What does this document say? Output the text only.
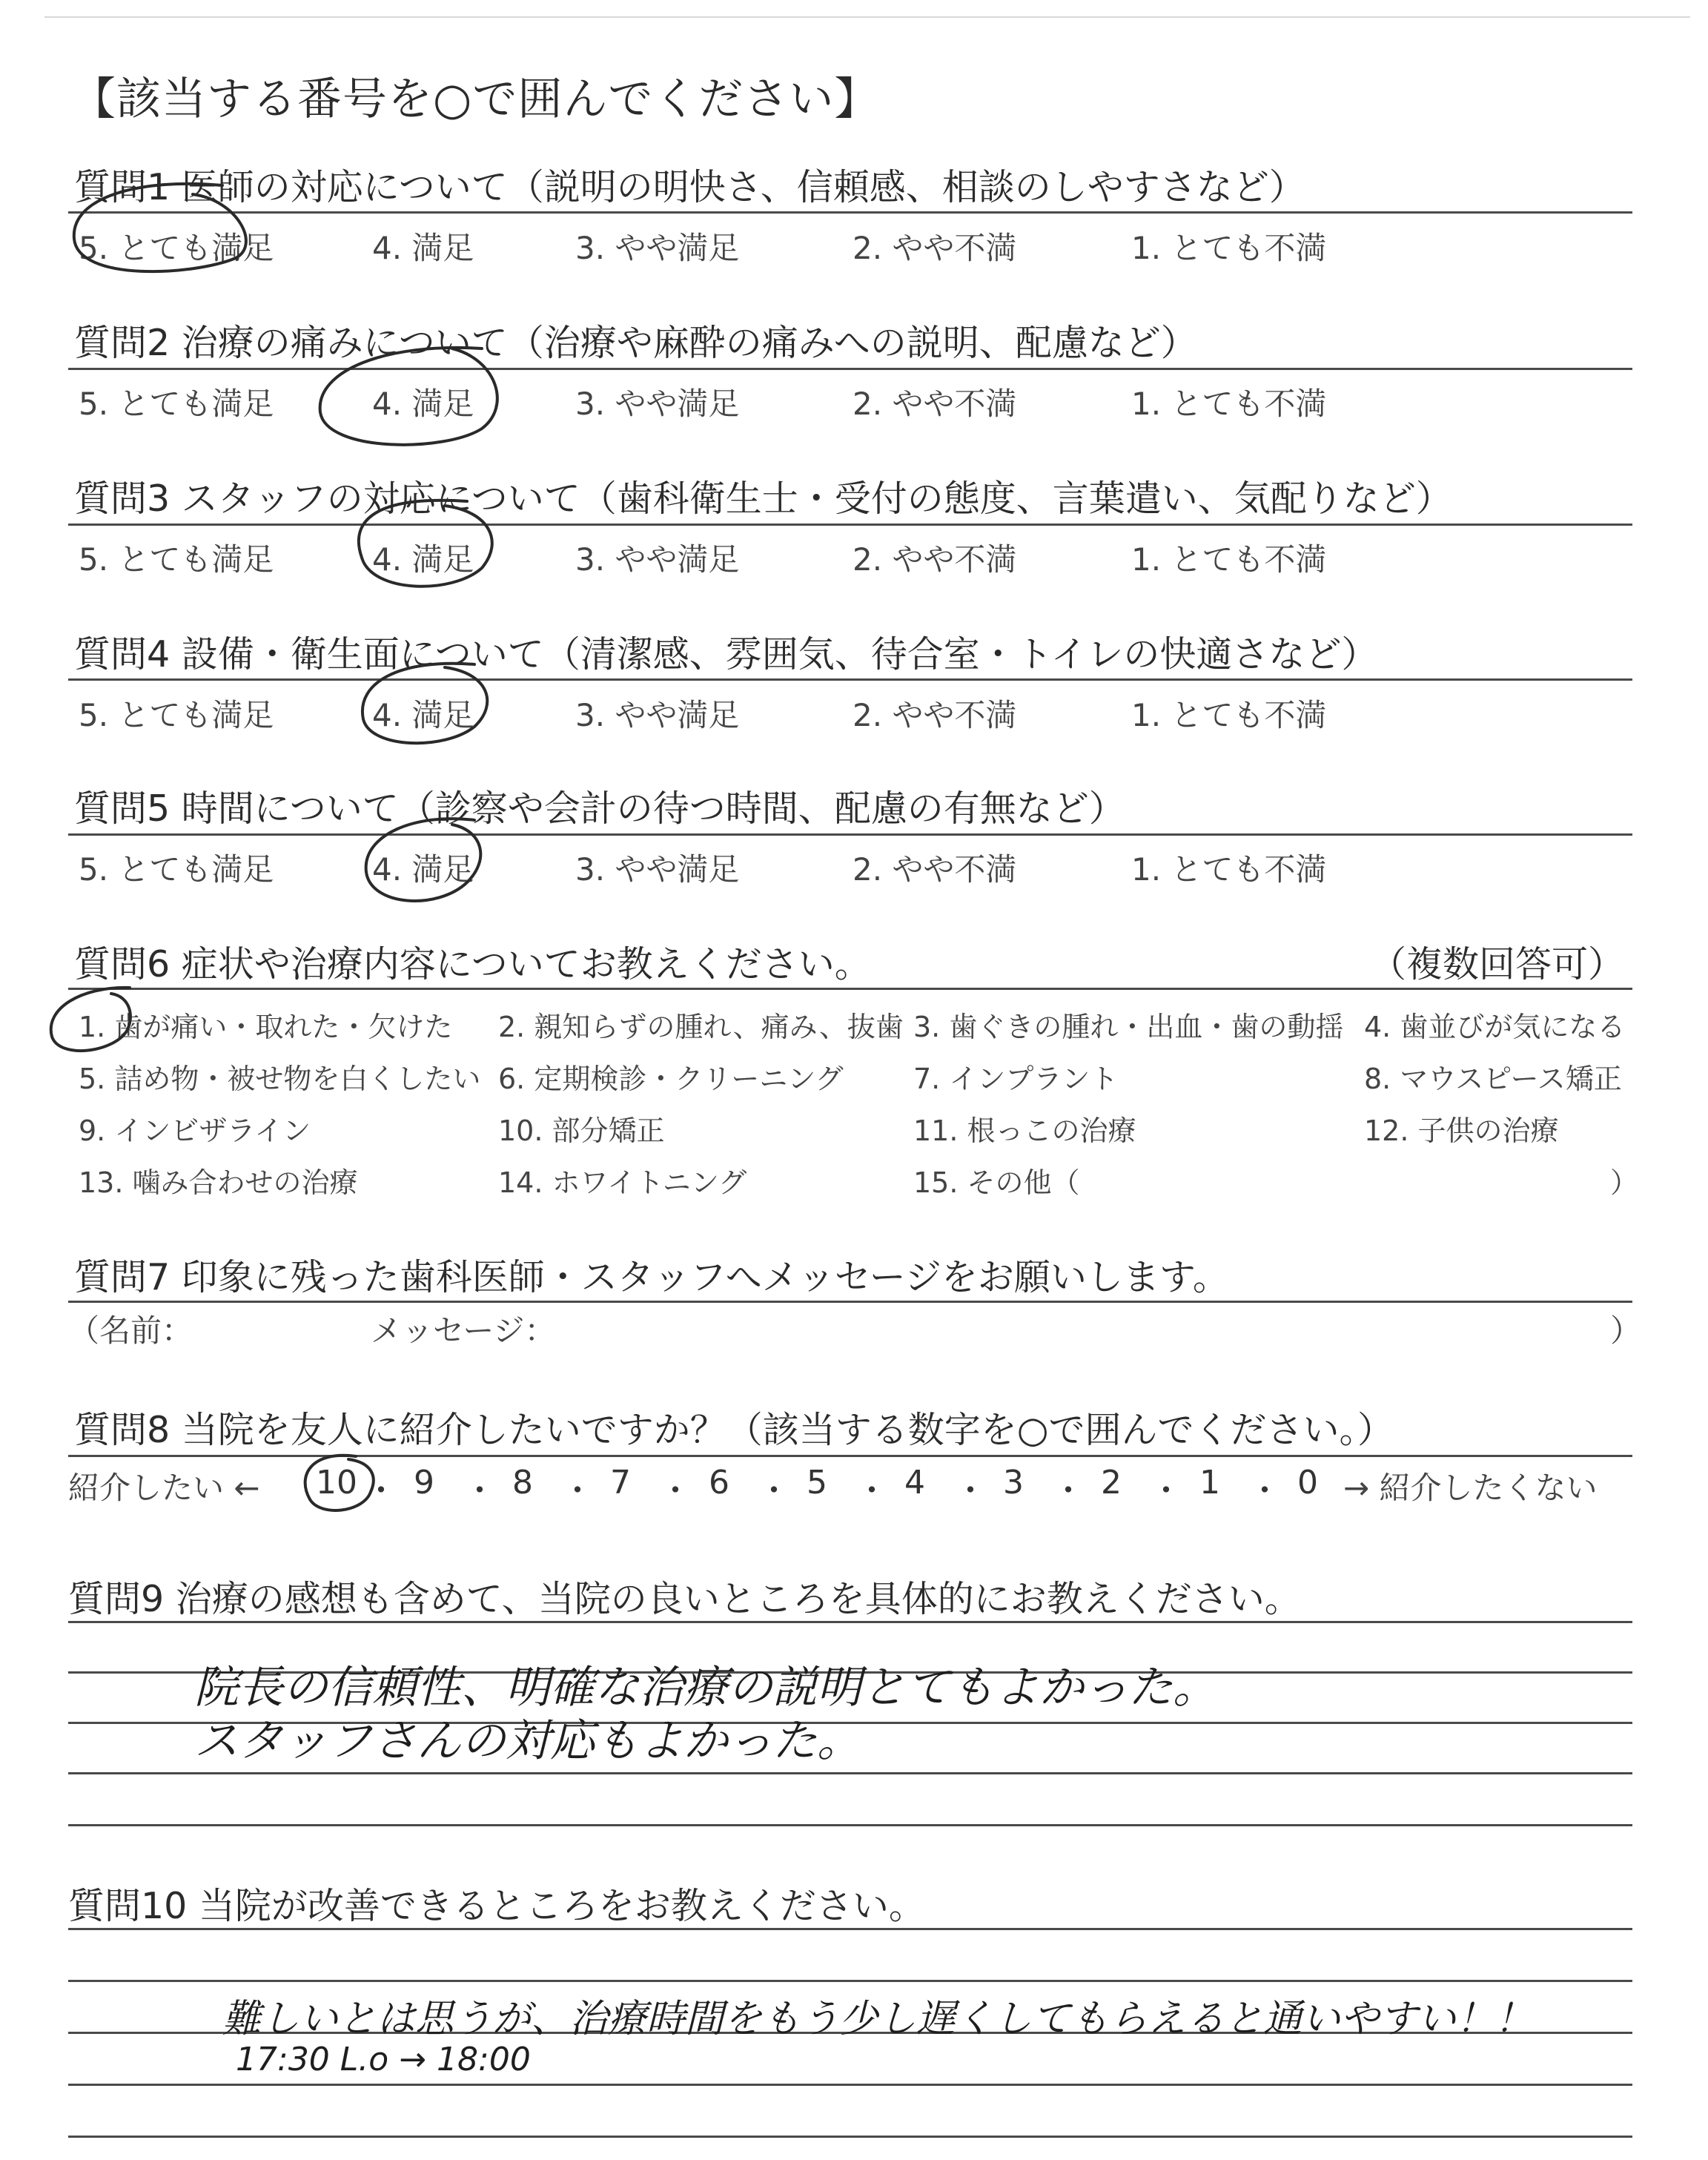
【該当する番号を○で囲んでください】
質問1 医師の対応について（説明の明快さ、信頼感、相談のしやすさなど）
5. とても満足	4. 満足	3. やや満足	2. やや不満	1. とても不満
質問2 治療の痛みについて（治療や麻酔の痛みへの説明、配慮など）
5. とても満足	4. 満足	3. やや満足	2. やや不満	1. とても不満
質問3 スタッフの対応について（歯科衛生士・受付の態度、言葉遣い、気配りなど）
5. とても満足	4. 満足	3. やや満足	2. やや不満	1. とても不満
質問4 設備・衛生面について（清潔感、雰囲気、待合室・トイレの快適さなど）
5. とても満足	4. 満足	3. やや満足	2. やや不満	1. とても不満
質問5 時間について（診察や会計の待つ時間、配慮の有無など）
5. とても満足	4. 満足	3. やや満足	2. やや不満	1. とても不満
質問6 症状や治療内容についてお教えください。	（複数回答可）
1. 歯が痛い・取れた・欠けた 2. 親知らずの腫れ、痛み、抜歯 3. 歯ぐきの腫れ・出血・歯の動揺 4. 歯並びが気になる
5. 詰め物・被せ物を白くしたい 6. 定期検診・クリーニング 7. インプラント	8. マウスピース矯正
9. インビザライン	10. 部分矯正	11. 根っこの治療	12. 子供の治療
13. 噛み合わせの治療	14. ホワイトニング	15. その他（	）
質問7 印象に残った歯科医師・スタッフへメッセージをお願いします。
（名前：	メッセージ：	）
質問8 当院を友人に紹介したいですか？（該当する数字を○で囲んでください。）
紹介したい ←	→ 紹介したくない
質問9 治療の感想も含めて、当院の良いところを具体的にお教えください。
院長の信頼性、明確な治療の説明とてもよかった。
スタッフさんの対応もよかった。
質問10 当院が改善できるところをお教えください。
難しいとは思うが、治療時間をもう少し遅くしてもらえると通いやすい！！
17:30 L.o → 18:00
10 ・ 9 ・ 8 ・ 7 ・ 6 ・ 5 ・ 4 ・ 3 ・ 2 ・ 1 ・ 0
